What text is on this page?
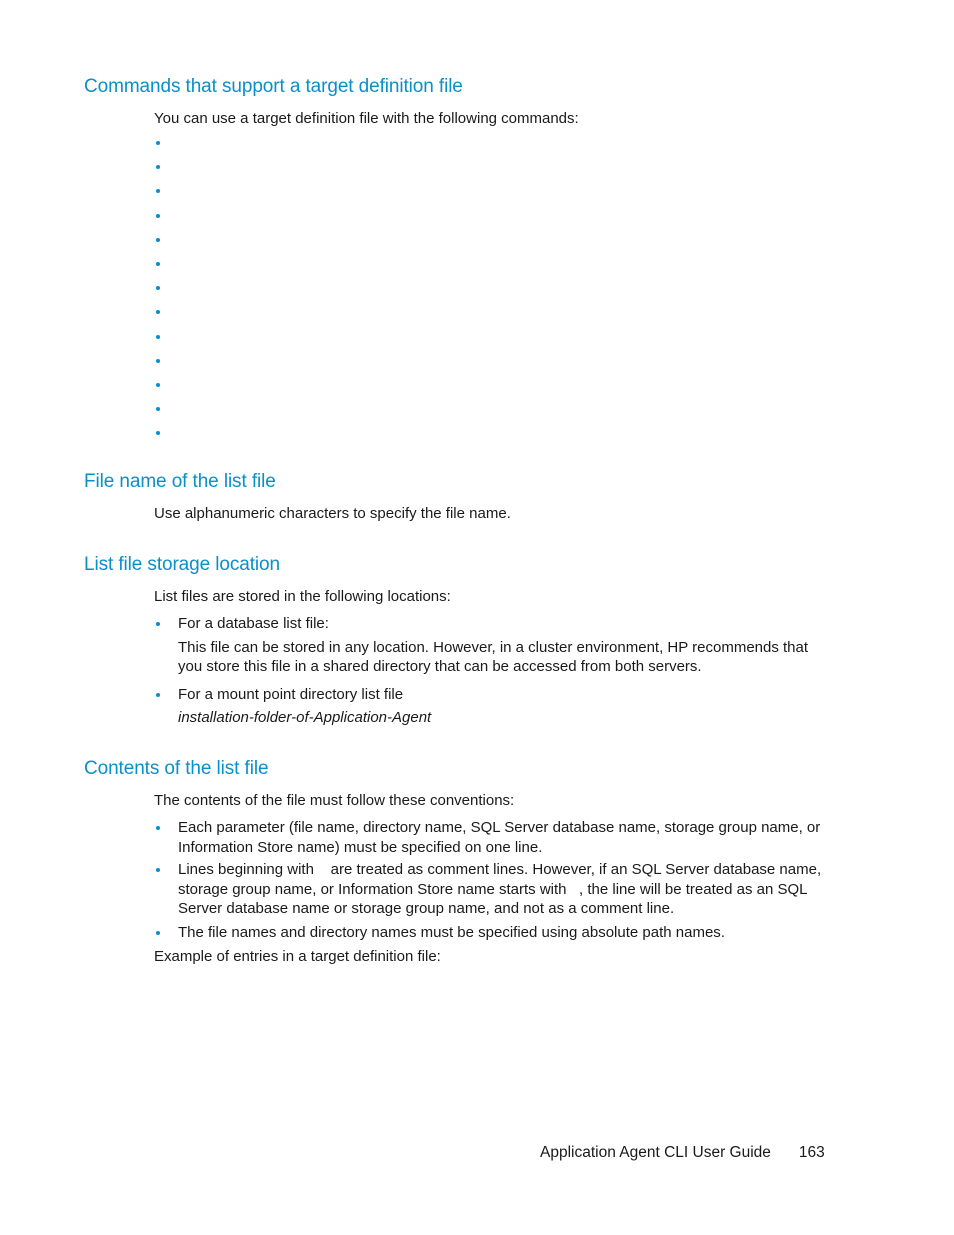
Commands that support a target definition file

You can use a target definition file with the following commands:

File name of the list file

Use alphanumeric characters to specify the file name.

List file storage location

List files are stored in the following locations:

For a database list file:
This file can be stored in any location. However, in a cluster environment, HP recommends that you store this file in a shared directory that can be accessed from both servers.
For a mount point directory list file
installation-folder-of-Application-Agent
Contents of the list file

The contents of the file must follow these conventions:

Each parameter (file name, directory name, SQL Server database name, storage group name, or Information Store name) must be specified on one line.
Lines beginning with    are treated as comment lines. However, if an SQL Server database name, storage group name, or Information Store name starts with   , the line will be treated as an SQL Server database name or storage group name, and not as a comment line.
The file names and directory names must be specified using absolute path names.

Example of entries in a target definition file:

Application Agent CLI User Guide 163
